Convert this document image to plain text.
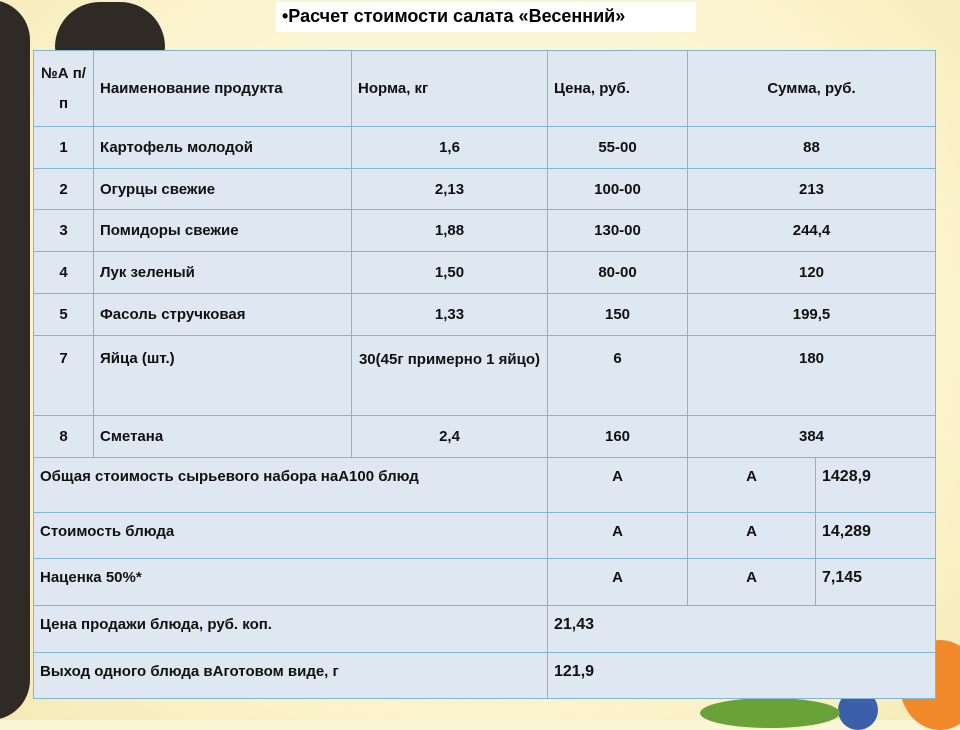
•Расчет стоимости салата «Весенний»
№А п/п	Наименование продукта	Норма, кг	Цена, руб.	Сумма, руб.	
1	Картофель молодой	1,6	55-00	88	
2	Огурцы свежие	2,13	100-00	213	
3	Помидоры свежие	1,88	130-00	244,4	
4	Лук зеленый	1,50	80-00	120	
5	Фасоль стручковая	1,33	150	199,5	
7	Яйца (шт.)	30(45г примерно 1 яйцо)	6	180	
8	Сметана	2,4	160	384	
Общая стоимость сырьевого набора наА100 блюд			А	А	1428,9
Стоимость блюда			А	А	14,289
Наценка 50%*			А	А	7,145
Цена продажи блюда, руб. коп.			21,43		
Выход одного блюда вАготовом виде, г			121,9		
